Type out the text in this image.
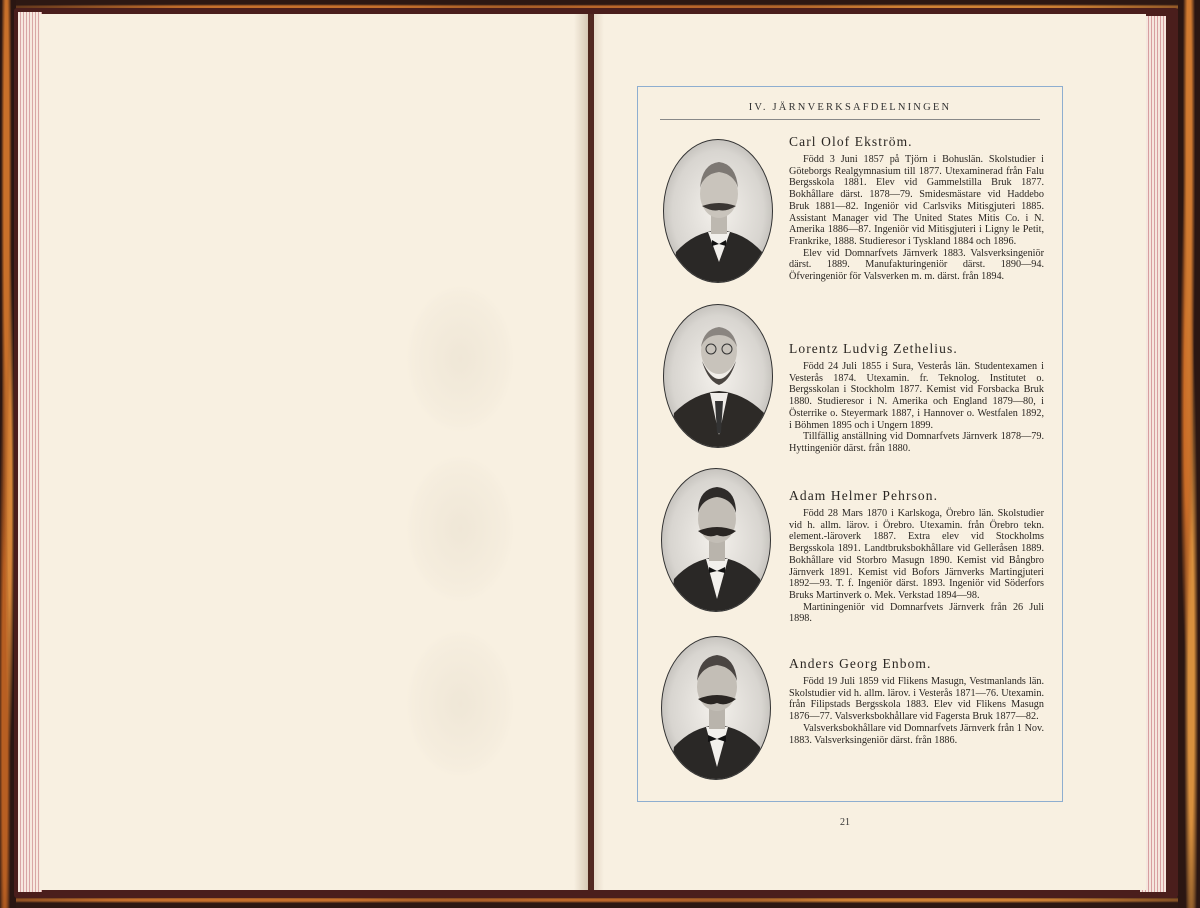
IV. JÄRNVERKSAFDELNINGEN

Carl Olof Ekström.

Född 3 Juni 1857 på Tjörn i Bohuslän. Skolstudier i Göteborgs Realgymnasium till 1877. Utexaminerad från Falu Bergsskola 1881. Elev vid Gammelstilla Bruk 1877. Bokhållare därst. 1878—79. Smidesmästare vid Haddebo Bruk 1881—82. Ingeniör vid Carlsviks Mitisgjuteri 1885. Assistant Manager vid The United States Mitis Co. i N. Amerika 1886—87. Ingeniör vid Mitisgjuteri i Ligny le Petit, Frankrike, 1888. Studieresor i Tyskland 1884 och 1896.

Elev vid Domnarfvets Järnverk 1883. Valsverksingeniör därst. 1889. Manufakturingeniör därst. 1890—94. Öfveringeniör för Valsverken m. m. därst. från 1894.

Lorentz Ludvig Zethelius.

Född 24 Juli 1855 i Sura, Vesterås län. Studentexamen i Vesterås 1874. Utexamin. fr. Teknolog. Institutet o. Bergsskolan i Stockholm 1877. Kemist vid Forsbacka Bruk 1880. Studieresor i N. Amerika och England 1879—80, i Österrike o. Steyermark 1887, i Hannover o. Westfalen 1892, i Böhmen 1895 och i Ungern 1899.

Tillfällig anställning vid Domnarfvets Järnverk 1878—79. Hyttingeniör därst. från 1880.

Adam Helmer Pehrson.

Född 28 Mars 1870 i Karlskoga, Örebro län. Skolstudier vid h. allm. lärov. i Örebro. Utexamin. från Örebro tekn. element.-läroverk 1887. Extra elev vid Stockholms Bergsskola 1891. Landtbruksbokhållare vid Gelleråsen 1889. Bokhållare vid Storbro Masugn 1890. Kemist vid Bångbro Järnverk 1891. Kemist vid Bofors Järnverks Martingjuteri 1892—93. T. f. Ingeniör därst. 1893. Ingeniör vid Söderfors Bruks Martinverk o. Mek. Verkstad 1894—98.

Martiningeniör vid Domnarfvets Järnverk från 26 Juli 1898.

Anders Georg Enbom.

Född 19 Juli 1859 vid Flikens Masugn, Vestmanlands län. Skolstudier vid h. allm. lärov. i Vesterås 1871—76. Utexamin. från Filipstads Bergsskola 1883. Elev vid Flikens Masugn 1876—77. Valsverksbokhållare vid Fagersta Bruk 1877—82.

Valsverksbokhållare vid Domnarfvets Järnverk från 1 Nov. 1883. Valsverksingeniör därst. från 1886.

21
